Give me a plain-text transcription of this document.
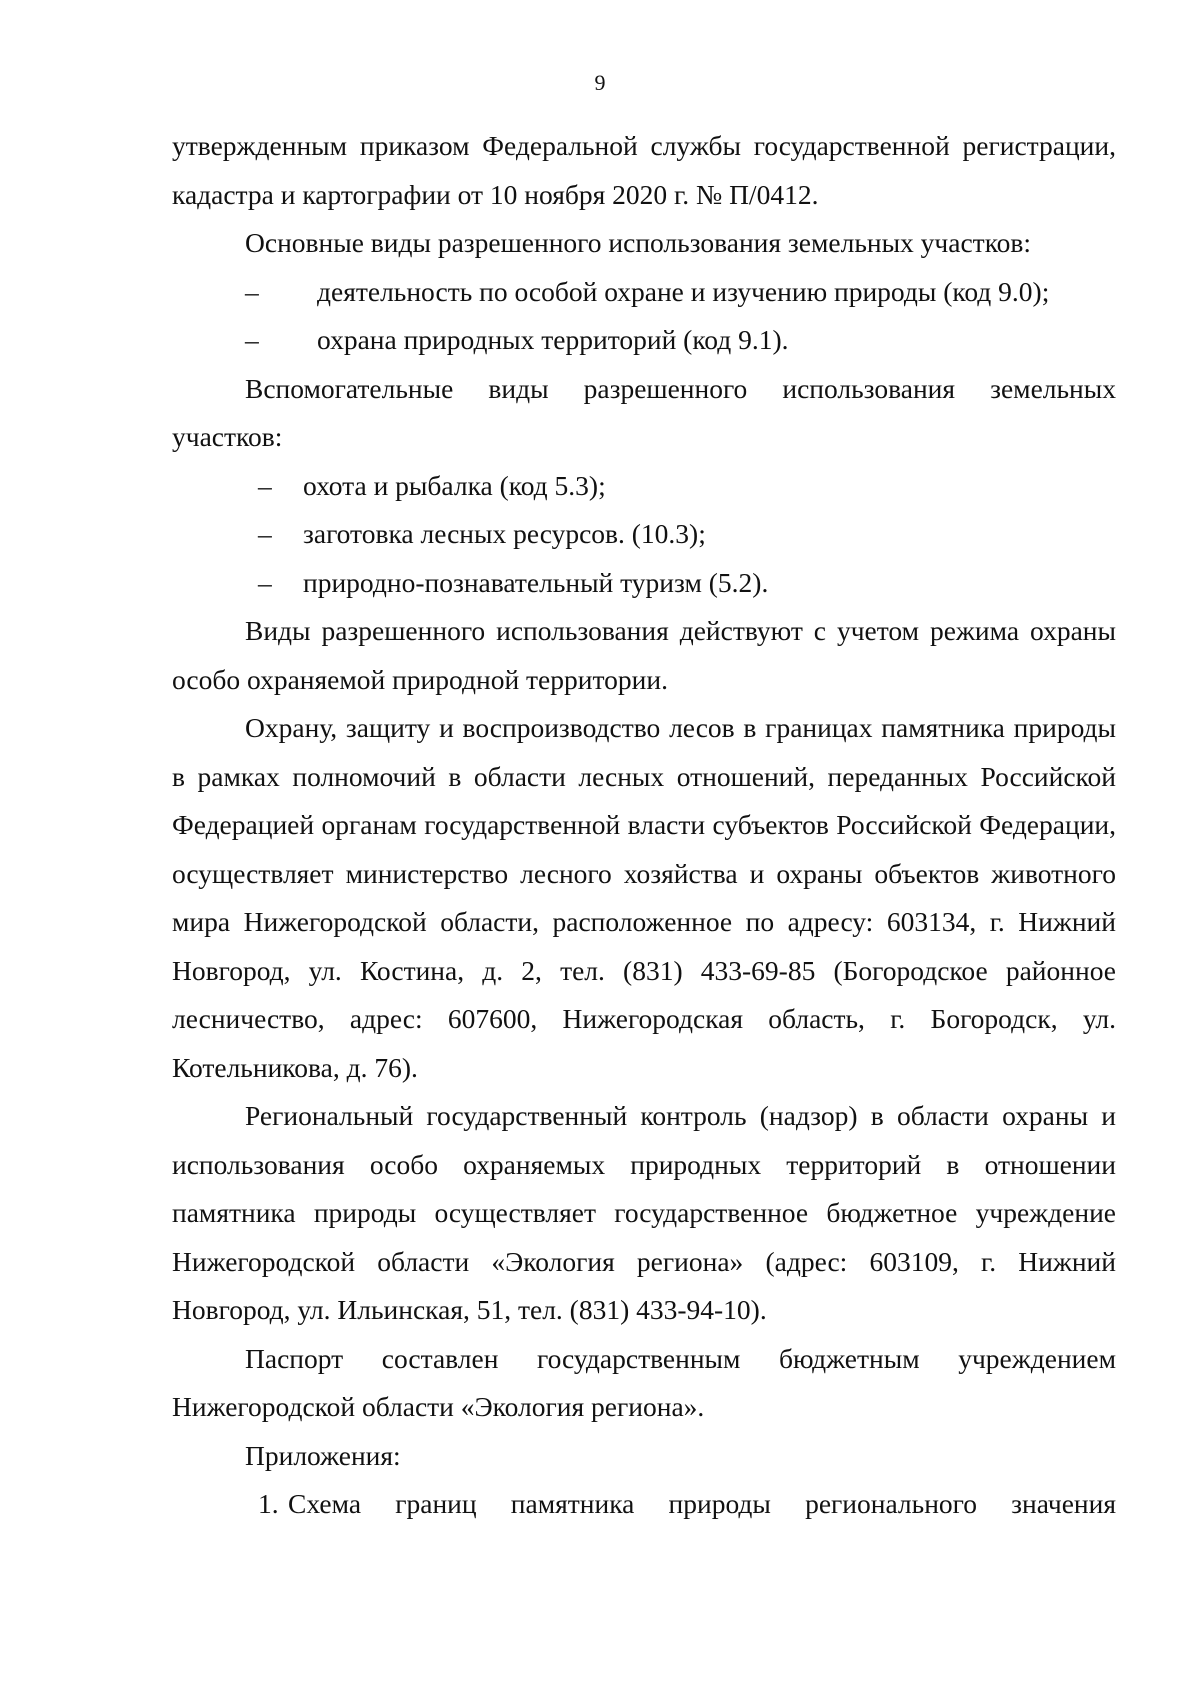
9

утвержденным приказом Федеральной службы государственной регистрации, кадастра и картографии от 10 ноября 2020 г. № П/0412.

Основные виды разрешенного использования земельных участков:

–	деятельность по особой охране и изучению природы (код 9.0);
–	охрана природных территорий (код 9.1).

Вспомогательные виды разрешенного использования земельных участков:

–	охота и рыбалка (код 5.3);
–	заготовка лесных ресурсов. (10.3);
–	природно-познавательный туризм (5.2).

Виды разрешенного использования действуют с учетом режима охраны особо охраняемой природной территории.

Охрану, защиту и воспроизводство лесов в границах памятника природы в рамках полномочий в области лесных отношений, переданных Российской Федерацией органам государственной власти субъектов Российской Федерации, осуществляет министерство лесного хозяйства и охраны объектов животного мира Нижегородской области, расположенное по адресу: 603134, г. Нижний Новгород, ул. Костина, д. 2, тел. (831) 433-69-85 (Богородское районное лесничество, адрес: 607600, Нижегородская область, г. Богородск, ул. Котельникова, д. 76).

Региональный государственный контроль (надзор) в области охраны и использования особо охраняемых природных территорий в отношении памятника природы осуществляет государственное бюджетное учреждение Нижегородской области «Экология региона» (адрес: 603109, г. Нижний Новгород, ул. Ильинская, 51, тел. (831) 433-94-10).

Паспорт составлен государственным бюджетным учреждением Нижегородской области «Экология региона».

Приложения:

1. Схема границ памятника природы регионального значения
